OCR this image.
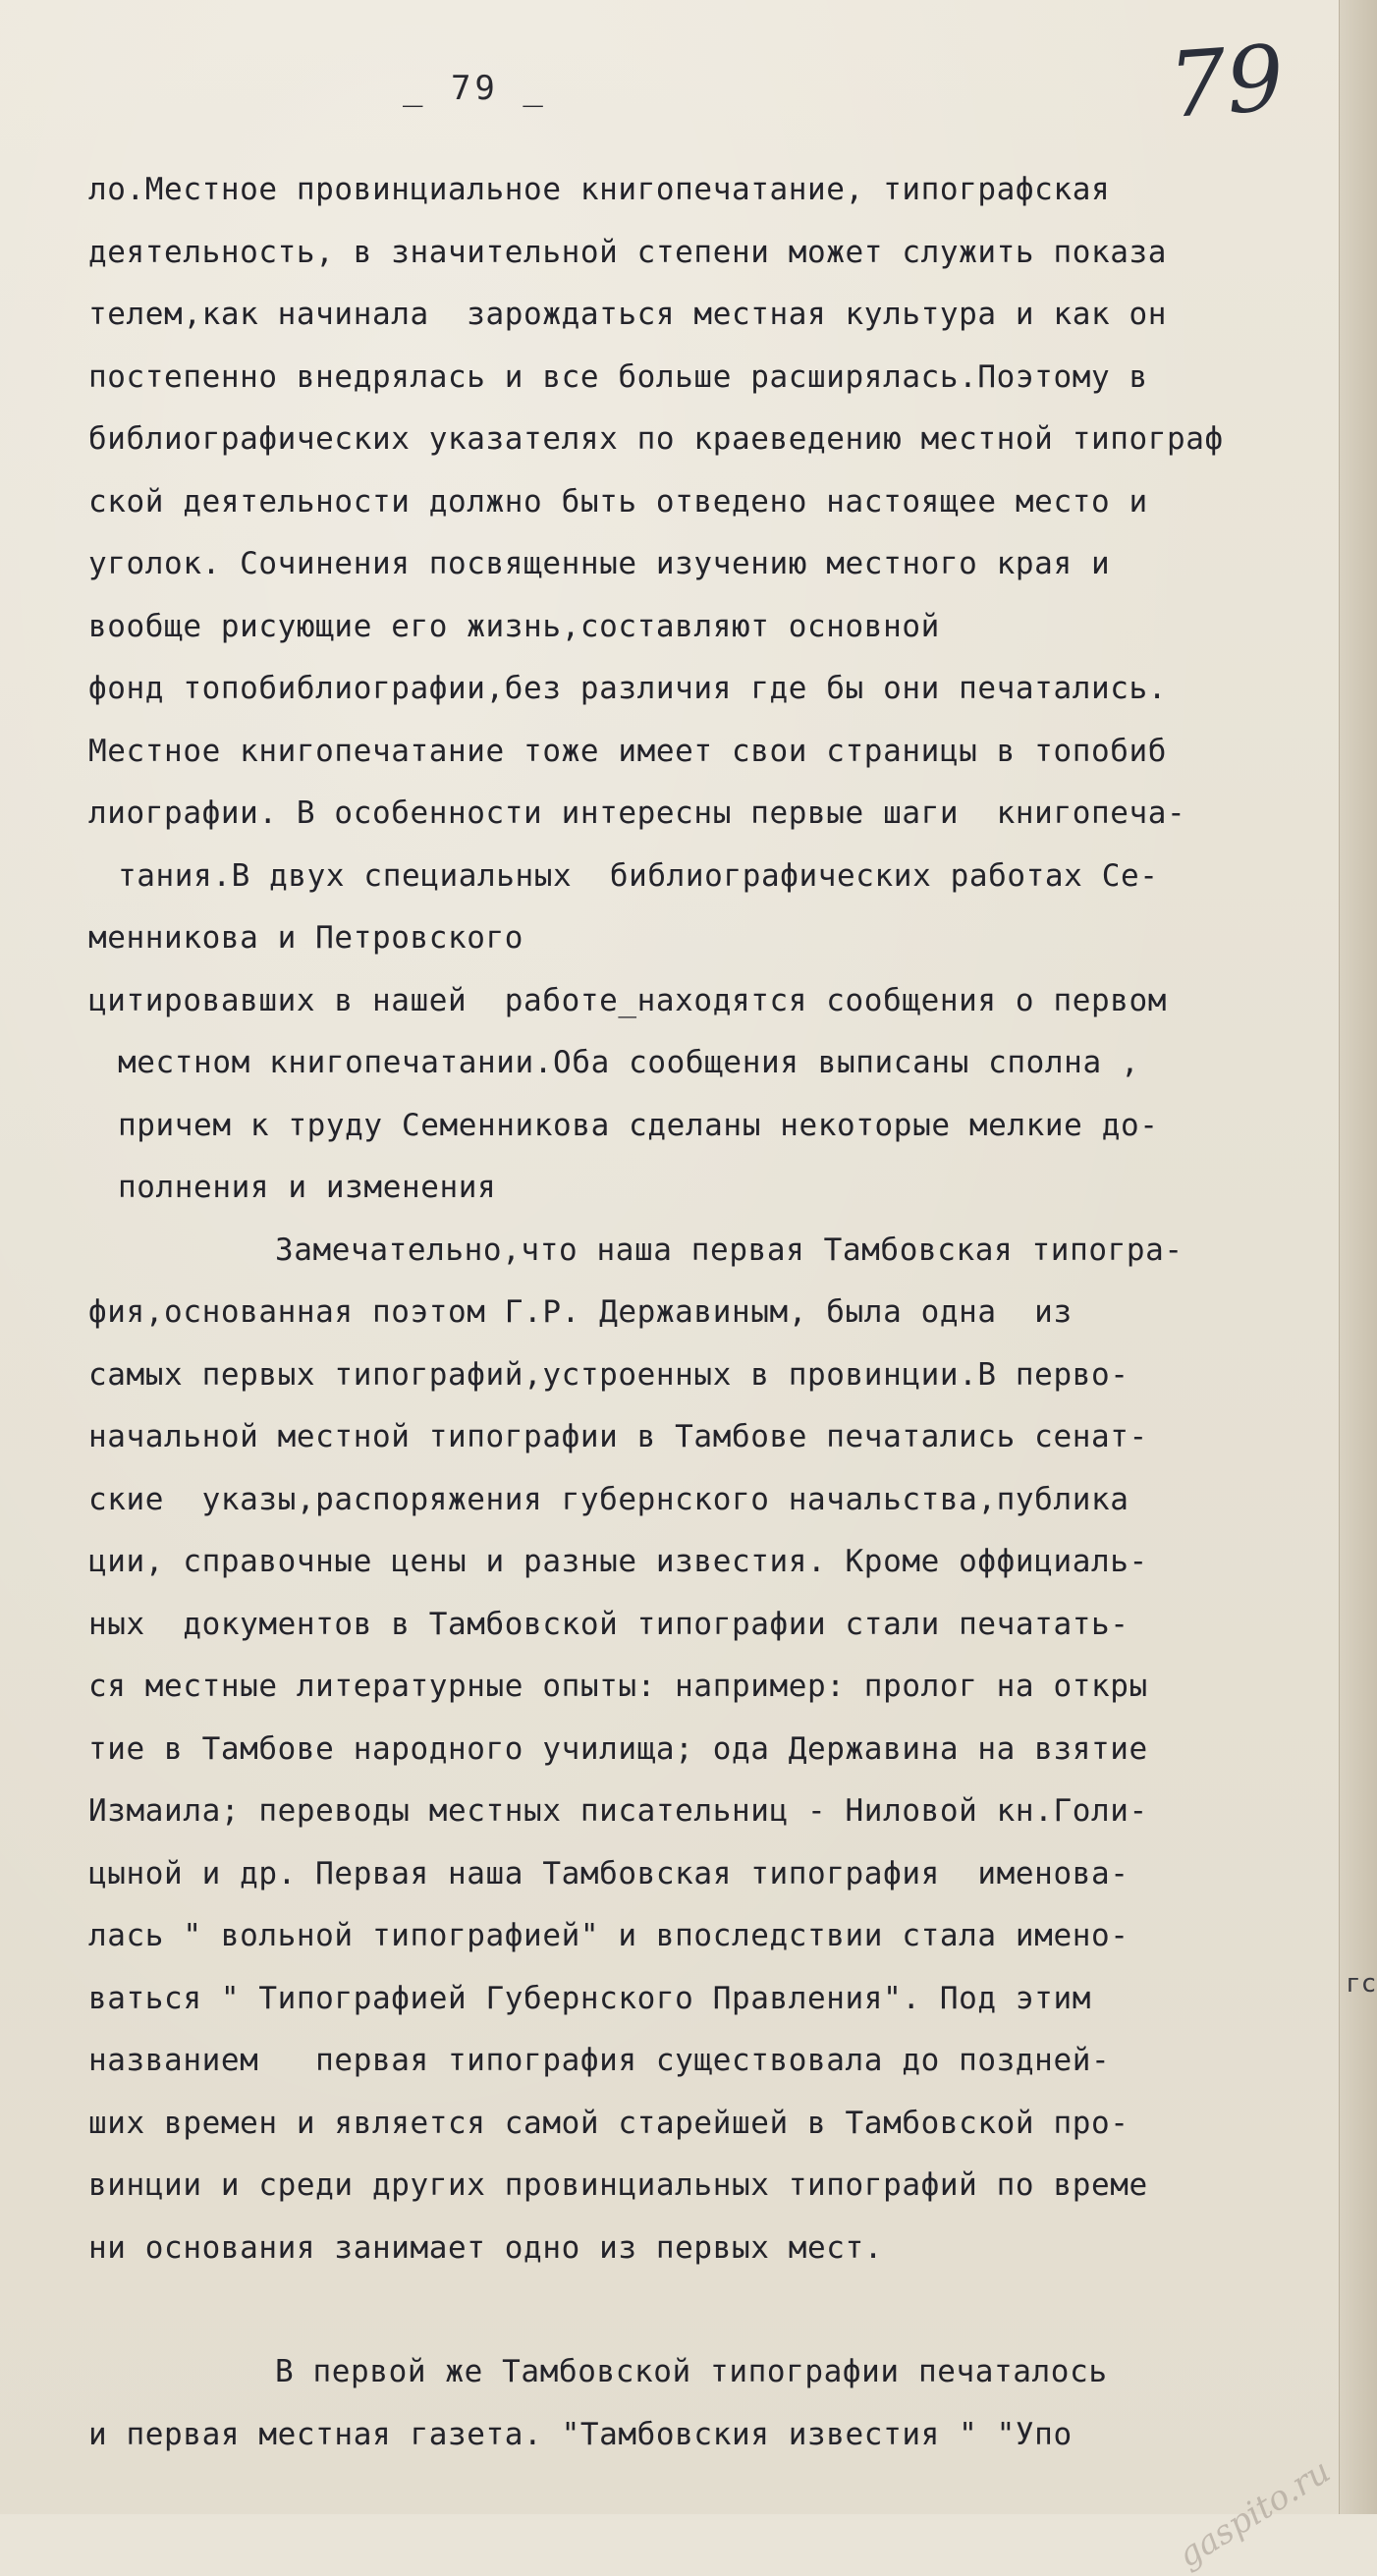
_ 79 _	79
ло.Местное провинциальное книгопечатание, типографская
деятельность, в значительной степени может служить показа
телем,как начинала  зарождаться местная культура и как он
постепенно внедрялась и все больше расширялась.Поэтому в
библиографических указателях по краеведению местной типограф
ской деятельности должно быть отведено настоящее место и
уголок. Сочинения посвященные изучению местного края и
вообще рисующие его жизнь,составляют основной
фонд топобиблиографии,без различия где бы они печатались.
Местное книгопечатание тоже имеет свои страницы в топобиб
лиографии. В особенности интересны первые шаги  книгопеча-
тания.В двух специальных  библиографических работах Се-
менникова и Петровского
цитировавших в нашей  работе_находятся сообщения о первом
местном книгопечатании.Оба сообщения выписаны сполна ,
причем к труду Семенникова сделаны некоторые мелкие до-
полнения и изменения
Замечательно,что наша первая Тамбовская типогра-
фия,основанная поэтом Г.Р. Державиным, была одна  из
самых первых типографий,устроенных в провинции.В перво-
начальной местной типографии в Тамбове печатались сенат-
ские  указы,распоряжения губернского начальства,публика
ции, справочные цены и разные известия. Кроме оффициаль-
ных  документов в Тамбовской типографии стали печатать-
ся местные литературные опыты: например: пролог на откры
тие в Тамбове народного училища; ода Державина на взятие
Измаила; переводы местных писательниц - Ниловой кн.Голи-
цыной и др. Первая наша Тамбовская типография  именова-
лась " вольной типографией" и впоследствии стала имено-
ваться " Типографией Губернского Правления". Под этим
названием   первая типография существовала до поздней-
ших времен и является самой старейшей в Тамбовской про-
винции и среди других провинциальных типографий по време
ни основания занимает одно из первых мест.
В первой же Тамбовской типографии печаталось
и первая местная газета. "Тамбовския известия " "Упо
гс
gaspito.ru
